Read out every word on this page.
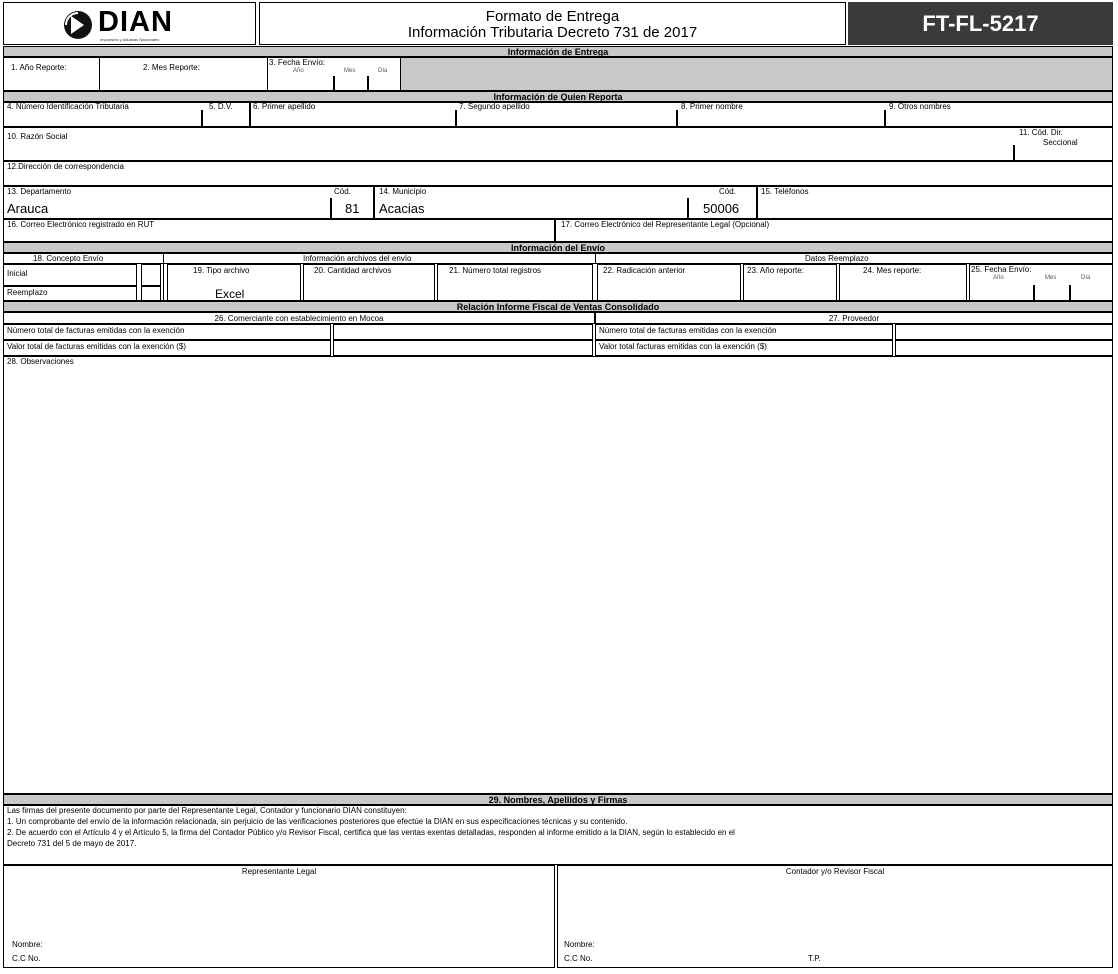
DIAN
Impuestos y Aduanas Nacionales
Formato de Entrega
Información Tributaria Decreto 731 de 2017	FT-FL-5217
Información de Entrega
1. Año Reporte:	2. Mes Reporte:
3. Fecha Envío:
Año	Mes	Día
Información de Quien Reporta
4. Número Identificación Tributaria	5. D.V.	6. Primer apellido	7. Segundo apellido	8. Primer nombre	9. Otros nombres
10. Razón Social	11. Cód. Dir.
Seccional
12.Dirección de correspondencia
13. Departamento	Cód.
Arauca	81
14. Municipio	Cód.
Acacias	50006
15. Teléfonos
16. Correo Electrónico registrado en RUT	17. Correo Electrónico del Representante Legal (Opcional)
Información del Envío
18. Concepto Envío
Inicial
Reemplazo
Información archivos del envío
19. Tipo archivo
Excel
20. Cantidad archivos	21. Número total registros
Datos Reemplazo
22. Radicación anterior	23. Año reporte:	24. Mes reporte:	25. Fecha Envío:
Año	Mes	Día
Relación Informe Fiscal de Ventas Consolidado
26. Comerciante con establecimiento en Mocoa	27. Proveedor
Número total de facturas emitidas con la exención	Número total de facturas emitidas con la exención
Valor total de facturas emitidas con la exención ($)	Valor total facturas emitidas con la exención ($)
28. Observaciones
29. Nombres, Apellidos y Firmas
Las firmas del presente documento por parte del Representante Legal, Contador y funcionario DIAN constituyen:
1. Un comprobante del envío de la información relacionada, sin perjuicio de las verificaciones posteriores que efectúe la DIAN en sus especificaciones técnicas y su contenido.
2. De acuerdo con el Artículo 4 y el Artículo 5, la firma del Contador Público y/o Revisor Fiscal, certifica que las ventas exentas detalladas, responden al informe emitido a la DIAN, según lo establecido en el
Decreto 731 del 5 de mayo de 2017.
Representante Legal
Nombre:
C.C No.
Contador y/o Revisor Fiscal
Nombre:
C.C No.	T.P.
